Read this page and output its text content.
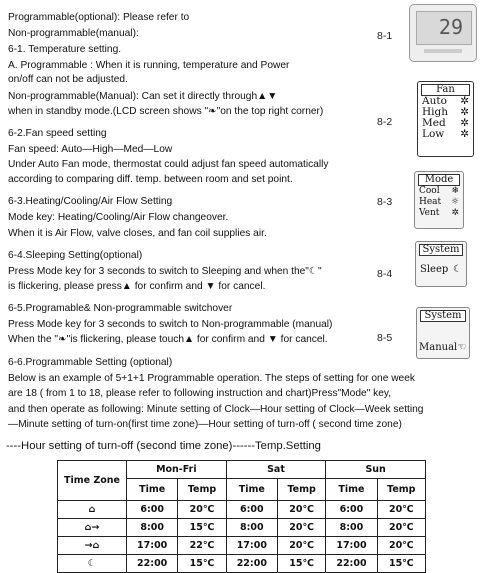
Programmable(optional): Please refer to
Non-programmable(manual):
6-1. Temperature setting.
A. Programmable : When it is running, temperature and Power
on/off can not be adjusted.
Non-programmable(Manual): Can set it directly through▲▼
when in standby mode.(LCD screen shows "❧"on the top right corner)
6-2.Fan speed setting
Fan speed: Auto—High—Med—Low
Under Auto Fan mode, thermostat could adjust fan speed automatically
according to comparing diff. temp. between room and set point.
6-3.Heating/Cooling/Air Flow Setting
Mode key: Heating/Cooling/Air Flow changeover.
When it is Air Flow, valve closes, and fan coil supplies air.
6-4.Sleeping Setting(optional)
Press Mode key for 3 seconds to switch to Sleeping and when the"☾"
is flickering, please press▲ for confirm and ▼ for cancel.
6-5.Programable& Non-programmable switchover
Press Mode key for 3 seconds to switch to Non-programmable (manual)
When the "❧"is flickering, please touch▲ for confirm and ▼ for cancel.
6-6.Programmable Setting (optional)
Below is an example of 5+1+1 Programmable operation. The steps of setting for one week
are 18 ( from 1 to 18, please refer to following instruction and chart)Press"Mode" key,
and then operate as following: Minute setting of Clock—Hour setting of Clock—Week setting
—Minute setting of turn-on(first time zone)—Hour setting of turn-off ( second time zone)
8-1
8-2
8-3
8-4
8-5
29
Fan
Auto ✲
High ✲
Med ✲
Low ✲
Mode
Cool ❄
Heat ☼
Vent ✲
System
Sleep ☾
System
Manual ☜
----Hour setting of turn-off (second time zone)------Temp.Setting
Time Zone	Mon-Fri		Sat		Sun	
	Time	Temp	Time	Temp	Time	Temp
⌂	6:00	20℃	6:00	20℃	6:00	20℃
⌂→	8:00	15℃	8:00	20℃	8:00	20℃
→⌂	17:00	22℃	17:00	20℃	17:00	20℃
☾	22:00	15℃	22:00	15℃	22:00	15℃
